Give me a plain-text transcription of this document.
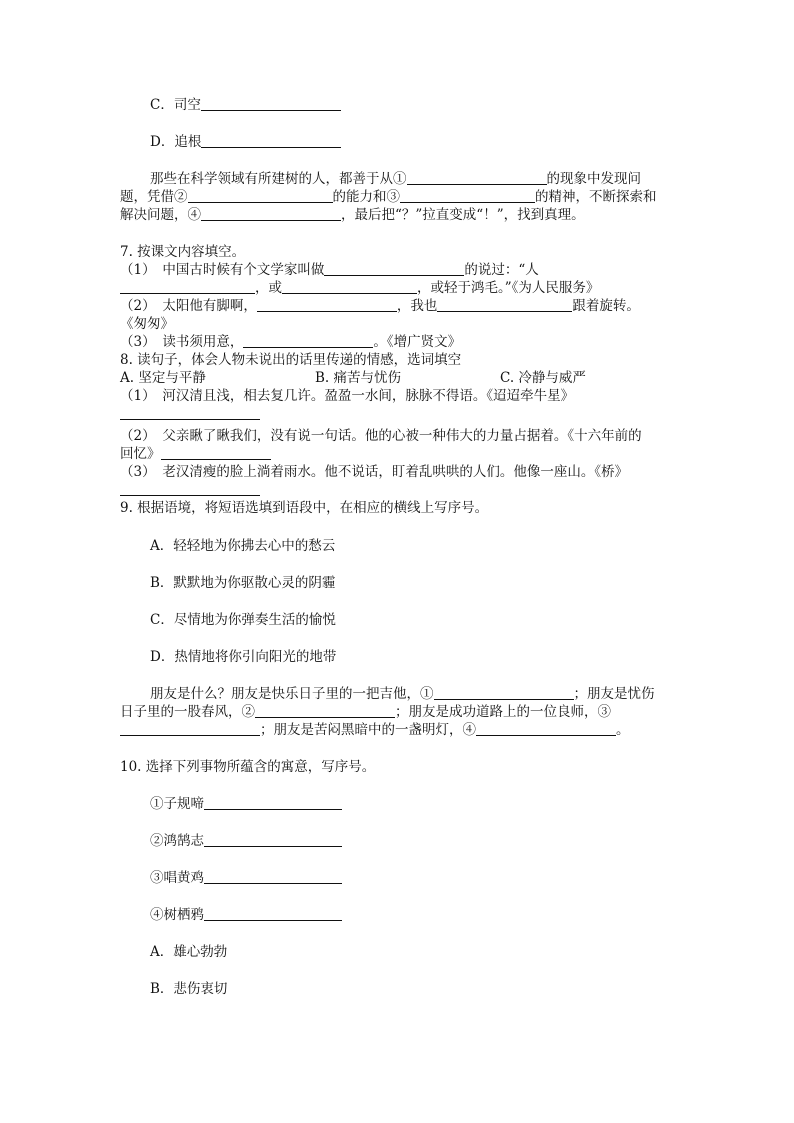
C．司空
D．追根
那些在科学领域有所建树的人，都善于从①	的现象中发现问
题，凭借②	的能力和③	的精神，不断探索和
解决问题，④	，最后把“？”拉直变成“！”，找到真理。
7. 按课文内容填空。
（1）　中国古时候有个文学家叫做	的说过：“人
，或	，或轻于鸿毛。”《为人民服务》
（2）　太阳他有脚啊，	，我也	跟着旋转。
《匆匆》
（3）　读书须用意，	。《增广贤文》
8. 读句子，体会人物未说出的话里传递的情感，选词填空
A. 坚定与平静	B. 痛苦与忧伤	C. 冷静与威严
（1）　河汉清且浅，相去复几许。盈盈一水间，脉脉不得语。《迢迢牵牛星》
（2）　父亲瞅了瞅我们，没有说一句话。他的心被一种伟大的力量占据着。《十六年前的
回忆》
（3）　老汉清瘦的脸上淌着雨水。他不说话，盯着乱哄哄的人们。他像一座山。《桥》
9. 根据语境，将短语选填到语段中，在相应的横线上写序号。
A．轻轻地为你拂去心中的愁云
B．默默地为你驱散心灵的阴霾
C．尽情地为你弹奏生活的愉悦
D．热情地将你引向阳光的地带
朋友是什么？朋友是快乐日子里的一把吉他，①	；朋友是忧伤
日子里的一股春风，②	；朋友是成功道路上的一位良师，③
；朋友是苦闷黑暗中的一盏明灯，④	。
10. 选择下列事物所蕴含的寓意，写序号。
①子规啼
②鸿鹄志
③唱黄鸡
④树栖鸦
A．雄心勃勃
B．悲伤衷切
